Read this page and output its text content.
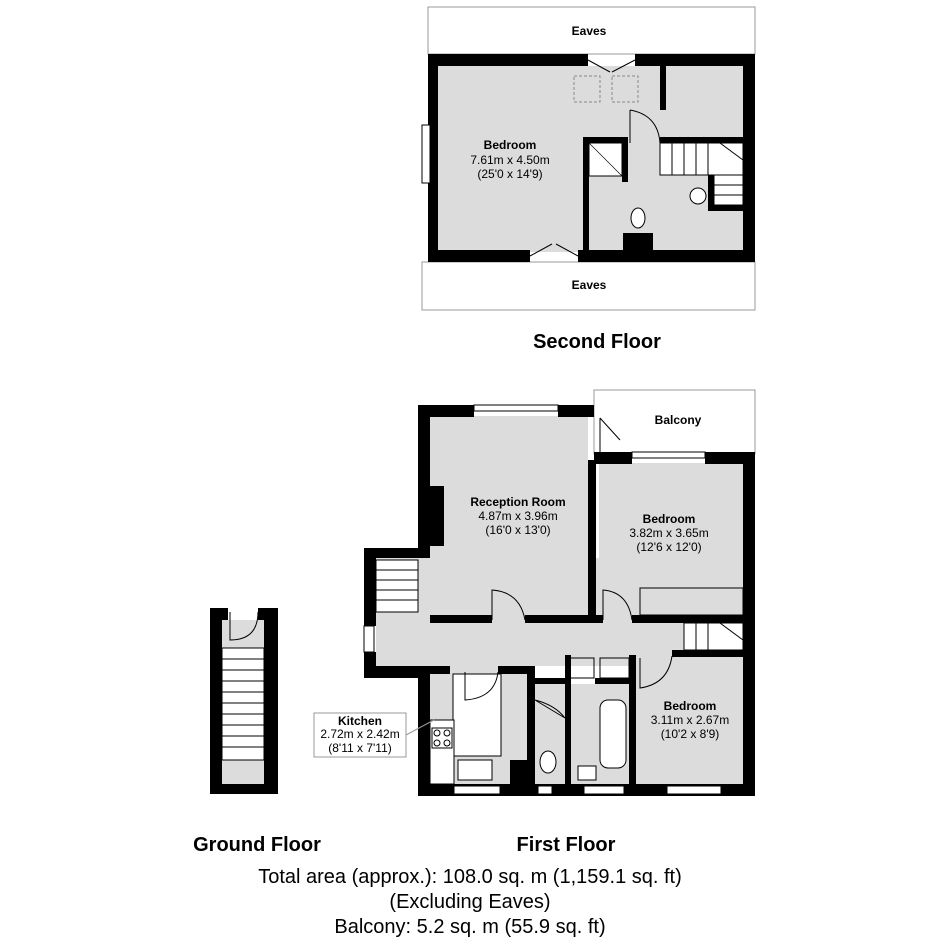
Eaves
Eaves
Bedroom
7.61m x 4.50m
(25'0 x 14'9)
Second Floor
Balcony
Reception Room
4.87m x 3.96m
(16'0 x 13'0)
Bedroom
3.82m x 3.65m
(12'6 x 12'0)
Bedroom
3.11m x 2.67m
(10'2 x 8'9)
Kitchen
2.72m x 2.42m
(8'11 x 7'11)
First Floor
Ground Floor
Total area (approx.): 108.0 sq. m (1,159.1 sq. ft)
(Excluding Eaves)
Balcony: 5.2 sq. m (55.9 sq. ft)
